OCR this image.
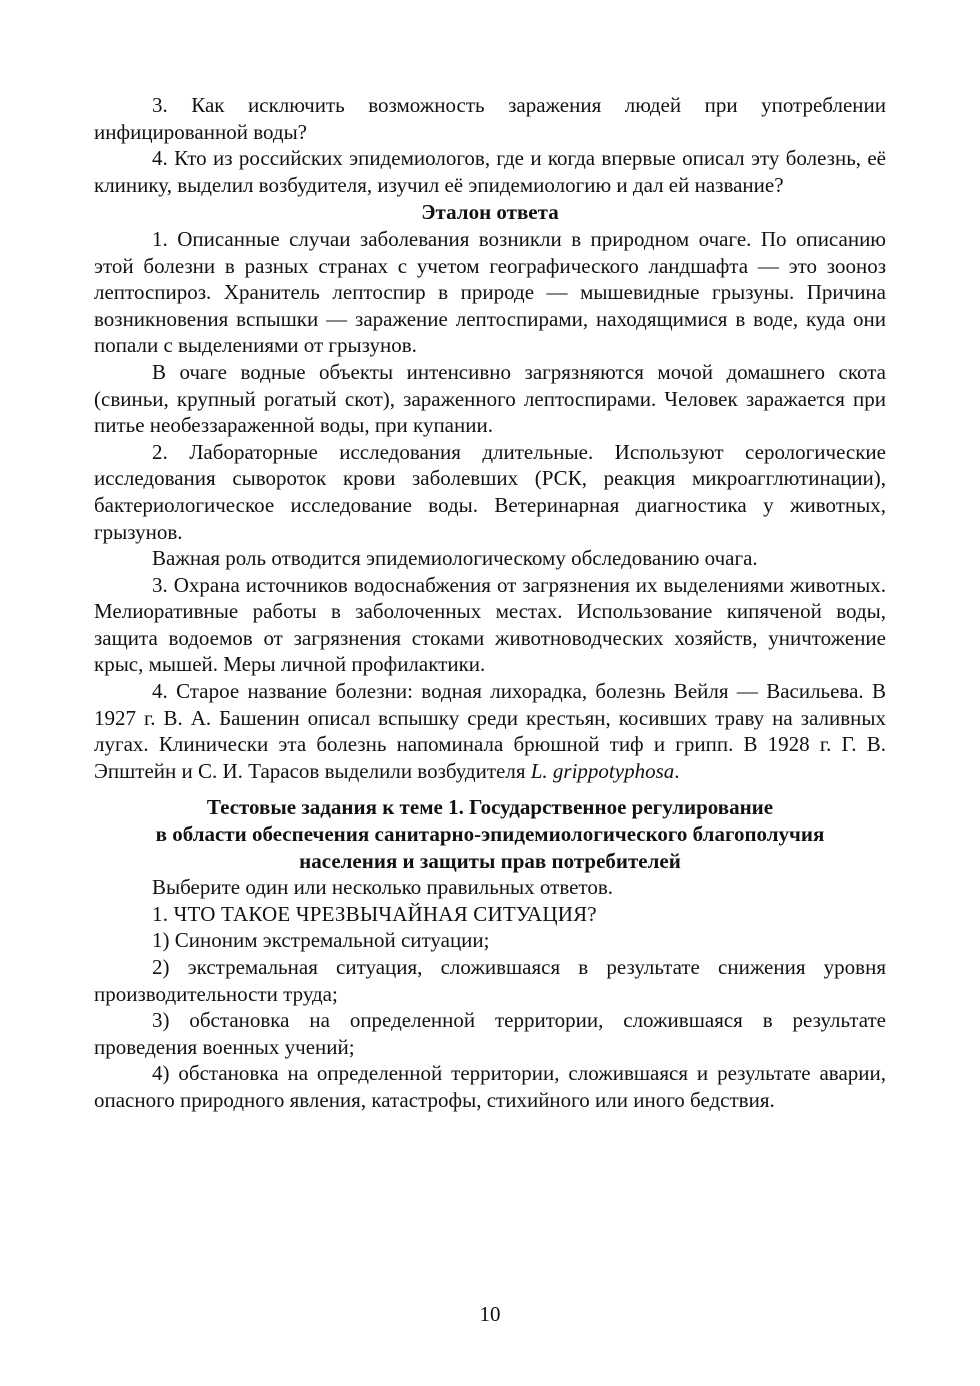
3. Как исключить возможность заражения людей при употреблении инфицированной воды?

4. Кто из российских эпидемиологов, где и когда впервые описал эту болезнь, её клинику, выделил возбудителя, изучил её эпидемиологию и дал ей название?

Эталон ответа

1. Описанные случаи заболевания возникли в природном очаге. По описанию этой болезни в разных странах с учетом географического ландшафта — это зооноз лептоспироз. Хранитель лептоспир в природе — мышевидные грызуны. Причина возникновения вспышки — заражение лептоспирами, находящимися в воде, куда они попали с выделениями от грызунов.

В очаге водные объекты интенсивно загрязняются мочой домашнего скота (свиньи, крупный рогатый скот), зараженного лептоспирами. Человек заражается при питье необеззараженной воды, при купании.

2. Лабораторные исследования длительные. Используют серологические исследования сывороток крови заболевших (РСК, реакция микроагглютинации), бактериологическое исследование воды. Ветеринарная диагностика у животных, грызунов.

Важная роль отводится эпидемиологическому обследованию очага.

3. Охрана источников водоснабжения от загрязнения их выделениями животных. Мелиоративные работы в заболоченных местах. Использование кипяченой воды, защита водоемов от загрязнения стоками животноводческих хозяйств, уничтожение крыс, мышей. Меры личной профилактики.

4. Старое название болезни: водная лихорадка, болезнь Вейля — Васильева. В 1927 г. В. А. Башенин описал вспышку среди крестьян, косивших траву на заливных лугах. Клинически эта болезнь напоминала брюшной тиф и грипп. В 1928 г. Г. В. Эпштейн и С. И. Тарасов выделили возбудителя L. grippotyphosa.

Тестовые задания к теме 1. Государственное регулирование

в области обеспечения санитарно-эпидемиологического благополучия

населения и защиты прав потребителей

Выберите один или несколько правильных ответов.

1. ЧТО ТАКОЕ ЧРЕЗВЫЧАЙНАЯ СИТУАЦИЯ?

1) Синоним экстремальной ситуации;

2) экстремальная ситуация, сложившаяся в результате снижения уровня производительности труда;

3) обстановка на определенной территории, сложившаяся в результате проведения военных учений;

4) обстановка на определенной территории, сложившаяся и результате аварии, опасного природного явления, катастрофы, стихийного или иного бедствия.

10
